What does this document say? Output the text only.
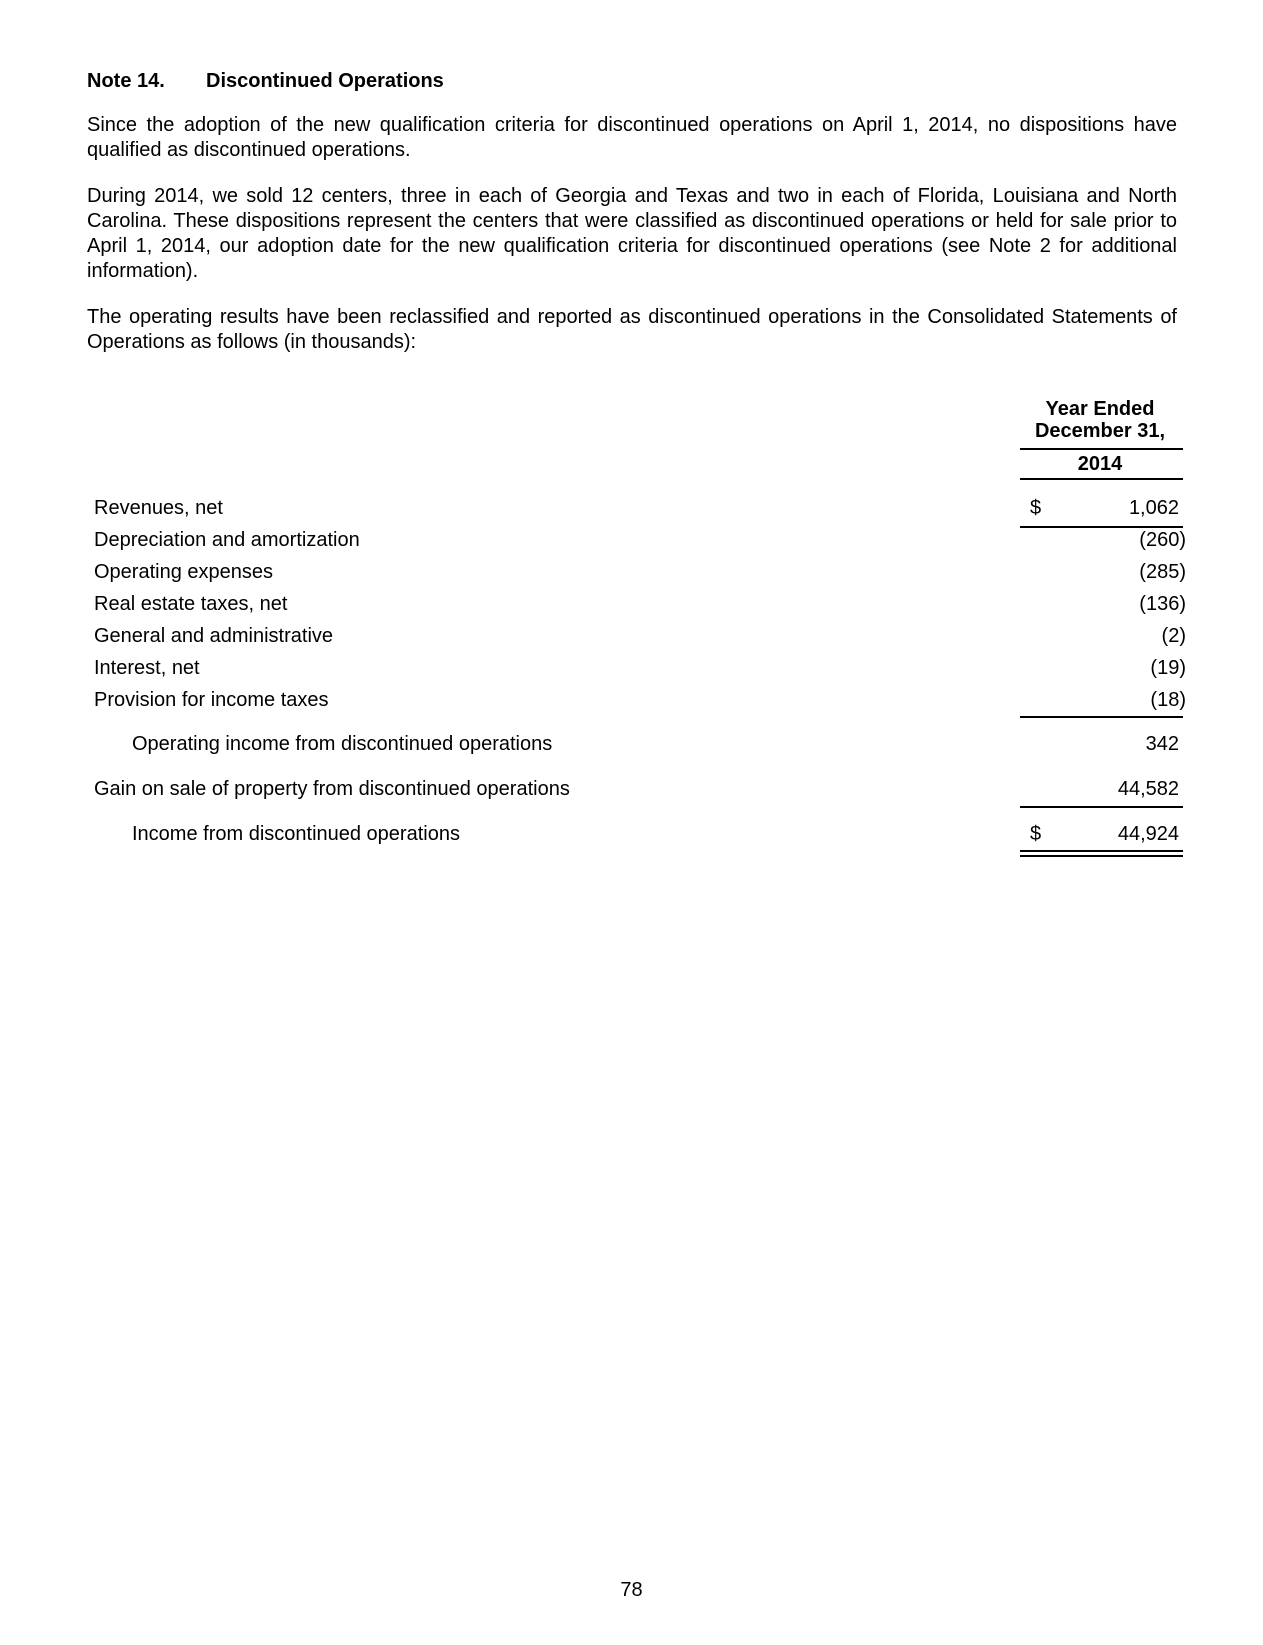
Note 14. Discontinued Operations
Since the adoption of the new qualification criteria for discontinued operations on April 1, 2014, no dispositions have qualified as discontinued operations.
During 2014, we sold 12 centers, three in each of Georgia and Texas and two in each of Florida, Louisiana and North Carolina. These dispositions represent the centers that were classified as discontinued operations or held for sale prior to April 1, 2014, our adoption date for the new qualification criteria for discontinued operations (see Note 2 for additional information).
The operating results have been reclassified and reported as discontinued operations in the Consolidated Statements of Operations as follows (in thousands):
Year Ended
December 31,
2014
Revenues, net	$	1,062
Depreciation and amortization	(260)
Operating expenses	(285)
Real estate taxes, net	(136)
General and administrative	(2)
Interest, net	(19)
Provision for income taxes	(18)
Operating income from discontinued operations	342
Gain on sale of property from discontinued operations	44,582
Income from discontinued operations	$	44,924
78
